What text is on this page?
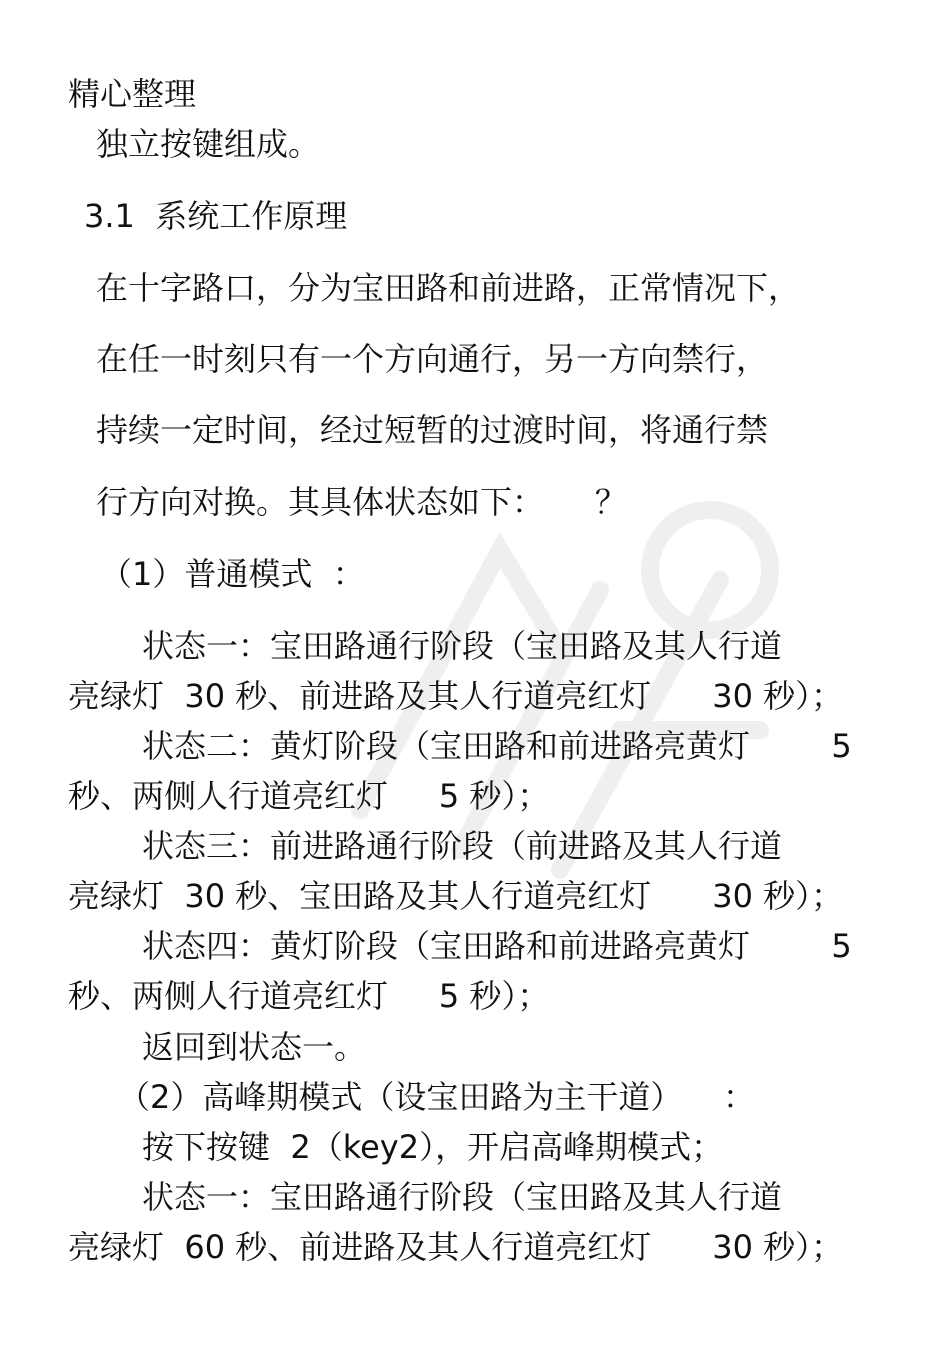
精心整理
独立按键组成。
3.1  系统工作原理
在十字路口，分为宝田路和前进路，正常情况下，
在任一时刻只有一个方向通行，另一方向禁行，
持续一定时间，经过短暂的过渡时间，将通行禁
行方向对换。其具体状态如下：     ？
（1）普通模式  ：
状态一：宝田路通行阶段（宝田路及其人行道
亮绿灯  30 秒、前进路及其人行道亮红灯      30 秒）；
状态二：黄灯阶段（宝田路和前进路亮黄灯        5
秒、两侧人行道亮红灯     5 秒）；
状态三：前进路通行阶段（前进路及其人行道
亮绿灯  30 秒、宝田路及其人行道亮红灯      30 秒）；
状态四：黄灯阶段（宝田路和前进路亮黄灯        5
秒、两侧人行道亮红灯     5 秒）；
返回到状态一。
（2）高峰期模式（设宝田路为主干道）    ：
按下按键  2（key2），开启高峰期模式；
状态一：宝田路通行阶段（宝田路及其人行道
亮绿灯  60 秒、前进路及其人行道亮红灯      30 秒）；
